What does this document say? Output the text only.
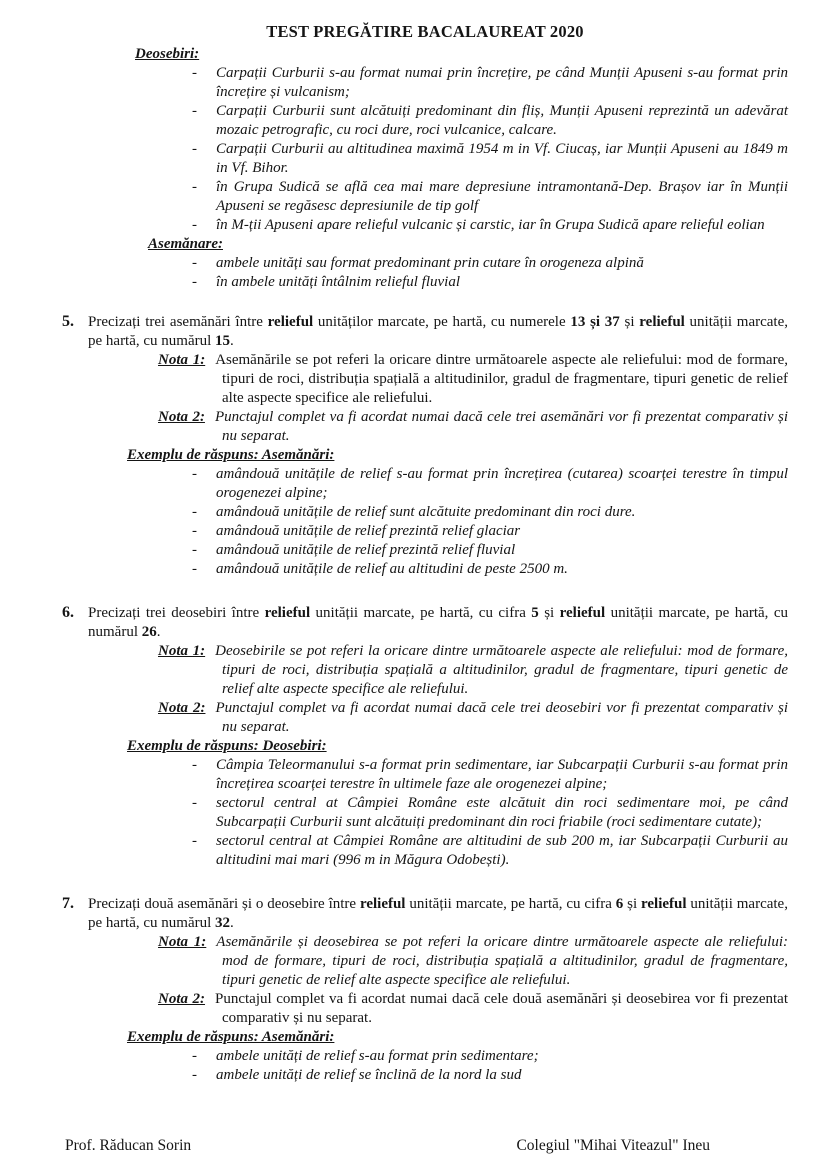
TEST PREGĂTIRE BACALAUREAT 2020
Deosebiri:
- Carpații Curburii s-au format numai prin încrețire, pe când Munții Apuseni s-au format prin încrețire și vulcanism;
- Carpații Curburii sunt alcătuiți predominant din fliș, Munții Apuseni reprezintă un adevărat mozaic petrografic, cu roci dure, roci vulcanice, calcare.
- Carpații Curburii au altitudinea maximă 1954 m in Vf. Ciucaș, iar Munții Apuseni au 1849 m in Vf. Bihor.
- în Grupa Sudică se află cea mai mare depresiune intramontană-Dep. Brașov iar în Munții Apuseni se regăsesc depresiunile de tip golf
- în M-ții Apuseni apare relieful vulcanic și carstic, iar în Grupa Sudică apare relieful eolian
Asemănare:
- ambele unități sau format predominant prin cutare în orogeneza alpină
- în ambele unități întâlnim relieful fluvial
5. Precizați trei asemănări între relieful unităților marcate, pe hartă, cu numerele 13 și 37 și relieful unității marcate, pe hartă, cu numărul 15.
Nota 1: Asemănările se pot referi la oricare dintre următoarele aspecte ale reliefului: mod de formare, tipuri de roci, distribuția spațială a altitudinilor, gradul de fragmentare, tipuri genetic de relief alte aspecte specifice ale reliefului.
Nota 2: Punctajul complet va fi acordat numai dacă cele trei asemănări vor fi prezentat comparativ și nu separat.
Exemplu de răspuns: Asemănări:
- amândouă unitățile de relief s-au format prin încrețirea (cutarea) scoarței terestre în timpul orogenezei alpine;
- amândouă unitățile de relief sunt alcătuite predominant din roci dure.
- amândouă unitățile de relief prezintă relief glaciar
- amândouă unitățile de relief prezintă relief fluvial
- amândouă unitățile de relief au altitudini de peste 2500 m.
6. Precizați trei deosebiri între relieful unității marcate, pe hartă, cu cifra 5 și relieful unității marcate, pe hartă, cu numărul 26.
Nota 1: Deosebirile se pot referi la oricare dintre următoarele aspecte ale reliefului: mod de formare, tipuri de roci, distribuția spațială a altitudinilor, gradul de fragmentare, tipuri genetic de relief alte aspecte specifice ale reliefului.
Nota 2: Punctajul complet va fi acordat numai dacă cele trei deosebiri vor fi prezentat comparativ și nu separat.
Exemplu de răspuns: Deosebiri:
- Câmpia Teleormanului s-a format prin sedimentare, iar Subcarpații Curburii s-au format prin încrețirea scoarței terestre în ultimele faze ale orogenezei alpine;
- sectorul central at Câmpiei Române este alcătuit din roci sedimentare moi, pe când Subcarpații Curburii sunt alcătuiți predominant din roci friabile (roci sedimentare cutate);
- sectorul central at Câmpiei Române are altitudini de sub 200 m, iar Subcarpații Curburii au altitudini mai mari (996 m in Măgura Odobești).
7. Precizați două asemănări și o deosebire între relieful unității marcate, pe hartă, cu cifra 6 și relieful unității marcate, pe hartă, cu numărul 32.
Nota 1: Asemănările și deosebirea se pot referi la oricare dintre următoarele aspecte ale reliefului: mod de formare, tipuri de roci, distribuția spațială a altitudinilor, gradul de fragmentare, tipuri genetic de relief alte aspecte specifice ale reliefului.
Nota 2: Punctajul complet va fi acordat numai dacă cele două asemănări și deosebirea vor fi prezentat comparativ și nu separat.
Exemplu de răspuns: Asemănări:
- ambele unități de relief s-au format prin sedimentare;
- ambele unități de relief se înclină de la nord la sud
Prof. Răducan Sorin	Colegiul "Mihai Viteazul" Ineu
